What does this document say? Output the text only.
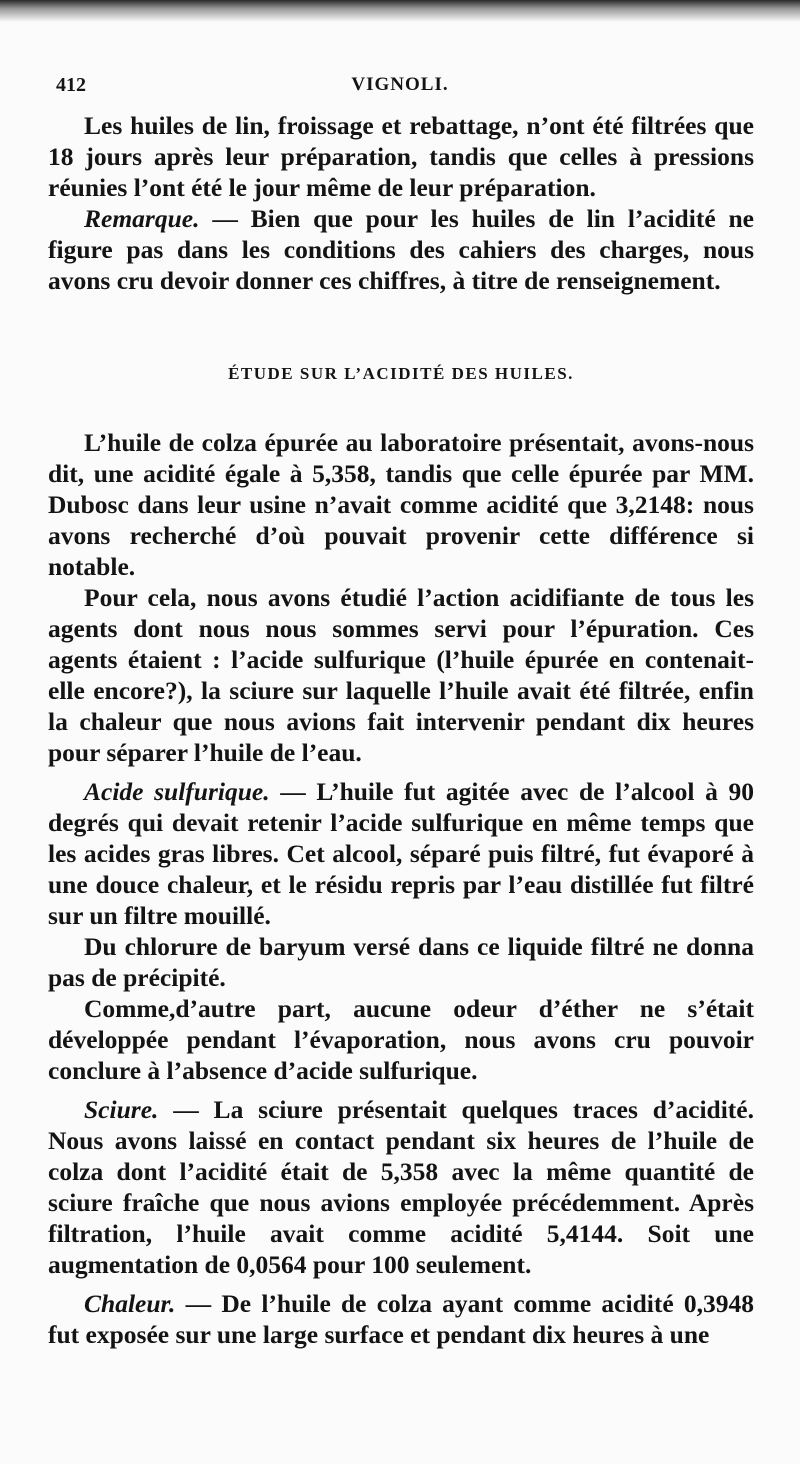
412	VIGNOLI.

Les huiles de lin, froissage et rebattage, n’ont été filtrées que 18 jours après leur préparation, tandis que celles à pressions réunies l’ont été le jour même de leur préparation.

Remarque. — Bien que pour les huiles de lin l’acidité ne figure pas dans les conditions des cahiers des charges, nous avons cru devoir donner ces chiffres, à titre de renseignement.

ÉTUDE SUR L’ACIDITÉ DES HUILES.

L’huile de colza épurée au laboratoire présentait, avons-nous dit, une acidité égale à 5,358, tandis que celle épurée par MM. Dubosc dans leur usine n’avait comme acidité que 3,2148: nous avons recherché d’où pouvait provenir cette différence si notable.

Pour cela, nous avons étudié l’action acidifiante de tous les agents dont nous nous sommes servi pour l’épuration. Ces agents étaient : l’acide sulfurique (l’huile épurée en contenait-elle encore?), la sciure sur laquelle l’huile avait été filtrée, enfin la chaleur que nous avions fait intervenir pendant dix heures pour séparer l’huile de l’eau.

Acide sulfurique. — L’huile fut agitée avec de l’alcool à 90 degrés qui devait retenir l’acide sulfurique en même temps que les acides gras libres. Cet alcool, séparé puis filtré, fut évaporé à une douce chaleur, et le résidu repris par l’eau distillée fut filtré sur un filtre mouillé.

Du chlorure de baryum versé dans ce liquide filtré ne donna pas de précipité.

Comme,d’autre part, aucune odeur d’éther ne s’était développée pendant l’évaporation, nous avons cru pouvoir conclure à l’absence d’acide sulfurique.

Sciure. — La sciure présentait quelques traces d’acidité. Nous avons laissé en contact pendant six heures de l’huile de colza dont l’acidité était de 5,358 avec la même quantité de sciure fraîche que nous avions employée précédemment. Après filtration, l’huile avait comme acidité 5,4144. Soit une augmentation de 0,0564 pour 100 seulement.

Chaleur. — De l’huile de colza ayant comme acidité 0,3948 fut exposée sur une large surface et pendant dix heures à une
